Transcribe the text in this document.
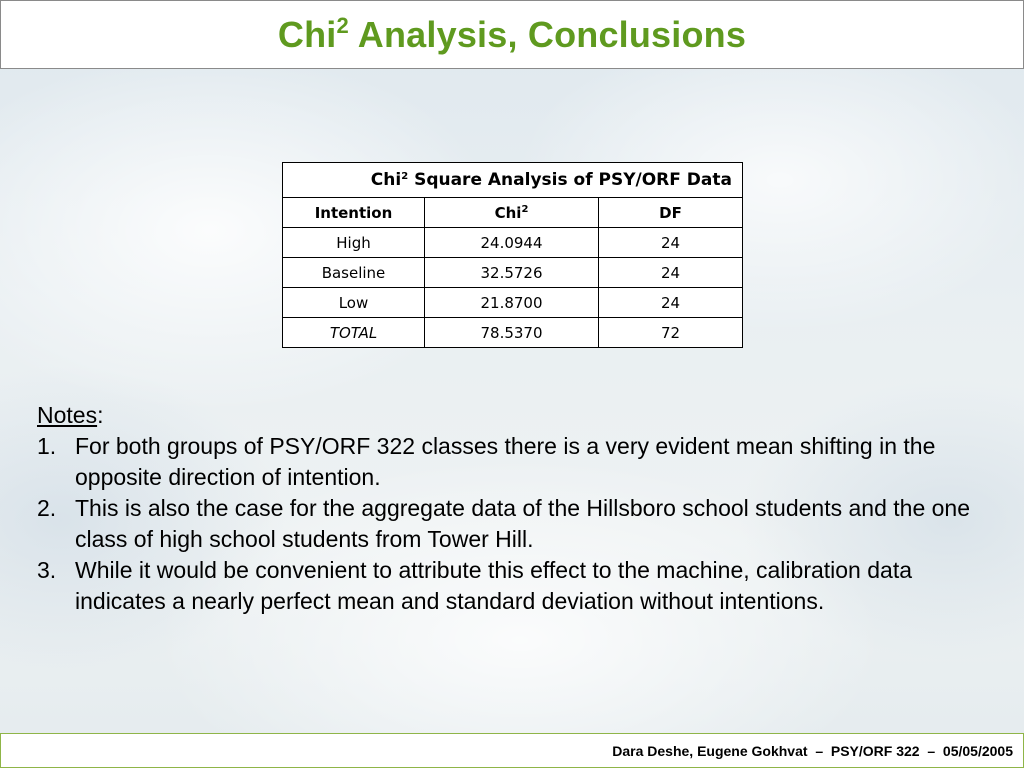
Chi$^2$ Analysis, Conclusions
Chi$^2$ Square Analysis of PSY/ORF Data		
Intention	Chi$^2$	DF
High	24.0944	24
Baseline	32.5726	24
Low	21.8700	24
TOTAL	78.5370	72
Notes:
1. For both groups of PSY/ORF 322 classes there is a very evident mean shifting in the opposite direction of intention.
2. This is also the case for the aggregate data of the Hillsboro school students and the one class of high school students from Tower Hill.
3. While it would be convenient to attribute this effect to the machine, calibration data indicates a nearly perfect mean and standard deviation without intentions.
Dara Deshe, Eugene Gokhvat  –  PSY/ORF 322  –  05/05/2005
